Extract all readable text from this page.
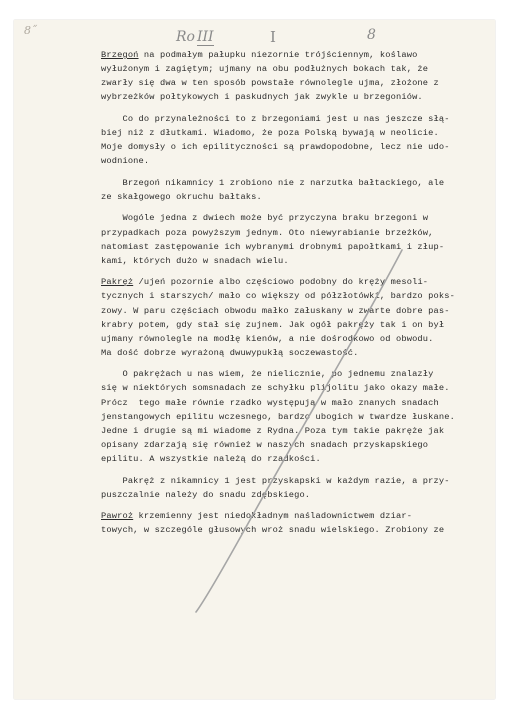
8˝	Ro III	I	8
Brzegoń na podmałym pałupku niezornie trójściennym, koślawo
wyłużonym i zagiętym; ujmany na obu podłużnych bokach tak, że
zwarły się dwa w ten sposób powstałe równolegle ujma, złożone z
wybrzeżków połtykowych i paskudnych jak zwykle u brzegoniów.
Co do przynależności to z brzegoniami jest u nas jeszcze słą-
biej niż z dłutkami. Wiadomo, że poza Polską bywają w neolicie.
Moje domysły o ich epilityczności są prawdopodobne, lecz nie udo-
wodnione.
Brzegoń nikamnicy 1 zrobiono nie z narzutka bałtackiego, ale
ze skałgowego okruchu bałtaks.
Wogóle jedna z dwiech może być przyczyna braku brzegoni w
przypadkach poza powyższym jednym. Oto niewyrabianie brzeżków,
natomiast zastępowanie ich wybranymi drobnymi papołtkami i złup-
kami, których dużo w snadach wielu.
Pakręż /ujeń pozornie albo częściowo podobny do kręży mesoli-
tycznych i starszych/ mało co większy od półzłotówki, bardzo poks-
zowy. W paru częściach obwodu małko załuskany w zwarte dobre pas-
krabry potem, gdy stał się zujnem. Jak ogół pakręży tak i on był
ujmany równolegle na modłę kienów, a nie dośrodkowo od obwodu.
Ma dość dobrze wyrażoną dwuwypukłą soczewastość.
O pakrężach u nas wiem, że nielicznie, po jednemu znalazły
się w niektórych somsnadach ze schyłku plijolitu jako okazy małe.
Prócz  tego małe równie rzadko występują w mało znanych snadach
jenstangowych epilitu wczesnego, bardzo ubogich w twardze łuskane.
Jedne i drugie są mi wiadome z Rydna. Poza tym takie pakręże jak
opisany zdarzają się również w naszych snadach przyskapskiego
epilitu. A wszystkie należą do rzadkości.
Pakręż z nikamnicy 1 jest przyskapski w każdym razie, a przy-
puszczalnie należy do snadu zdębskiego.
Pawroż krzemienny jest niedokładnym naśladownictwem dziar-
towych, w szczególe głusowych wroż snadu wielskiego. Zrobiony ze
